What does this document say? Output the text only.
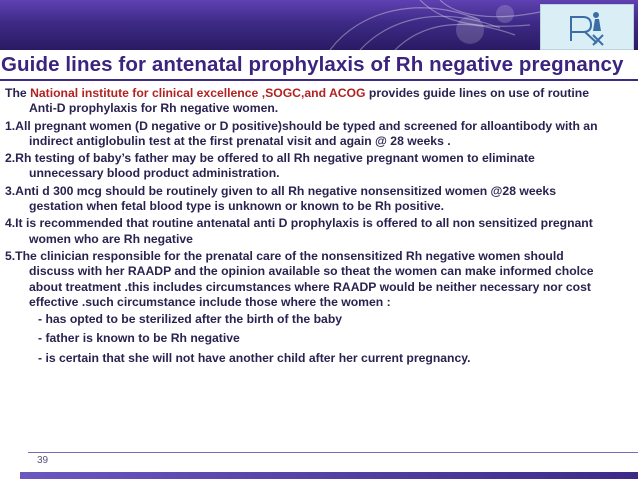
Guide lines for antenatal prophylaxis of Rh negative pregnancy
The National institute for clinical excellence ,SOGC,and ACOG provides guide lines on use of routine Anti-D prophylaxis for Rh negative women.
1.All pregnant women (D negative or D positive)should be typed and screened for alloantibody with an indirect antiglobulin test at the first prenatal visit and again @ 28 weeks .
2.Rh testing of baby’s father may be offered to all Rh negative pregnant women to eliminate unnecessary blood product administration.
3.Anti d 300 mcg should be routinely given to all Rh negative nonsensitized women @28 weeks gestation when fetal blood type is unknown or known to be Rh positive.
4.It is recommended that routine antenatal anti D prophylaxis is offered to all non sensitized pregnant women who are Rh negative
5.The clinician responsible for the prenatal care of the nonsensitized Rh negative women should discuss with her RAADP and the opinion available so theat the women can make informed cholce about treatment .this includes circumstances where RAADP would be neither necessary nor cost effective .such circumstance include those where the women :
- has opted to be sterilized after the birth of the baby
- father is known to be Rh negative
- is certain that she will not have another child after her current pregnancy.
39
